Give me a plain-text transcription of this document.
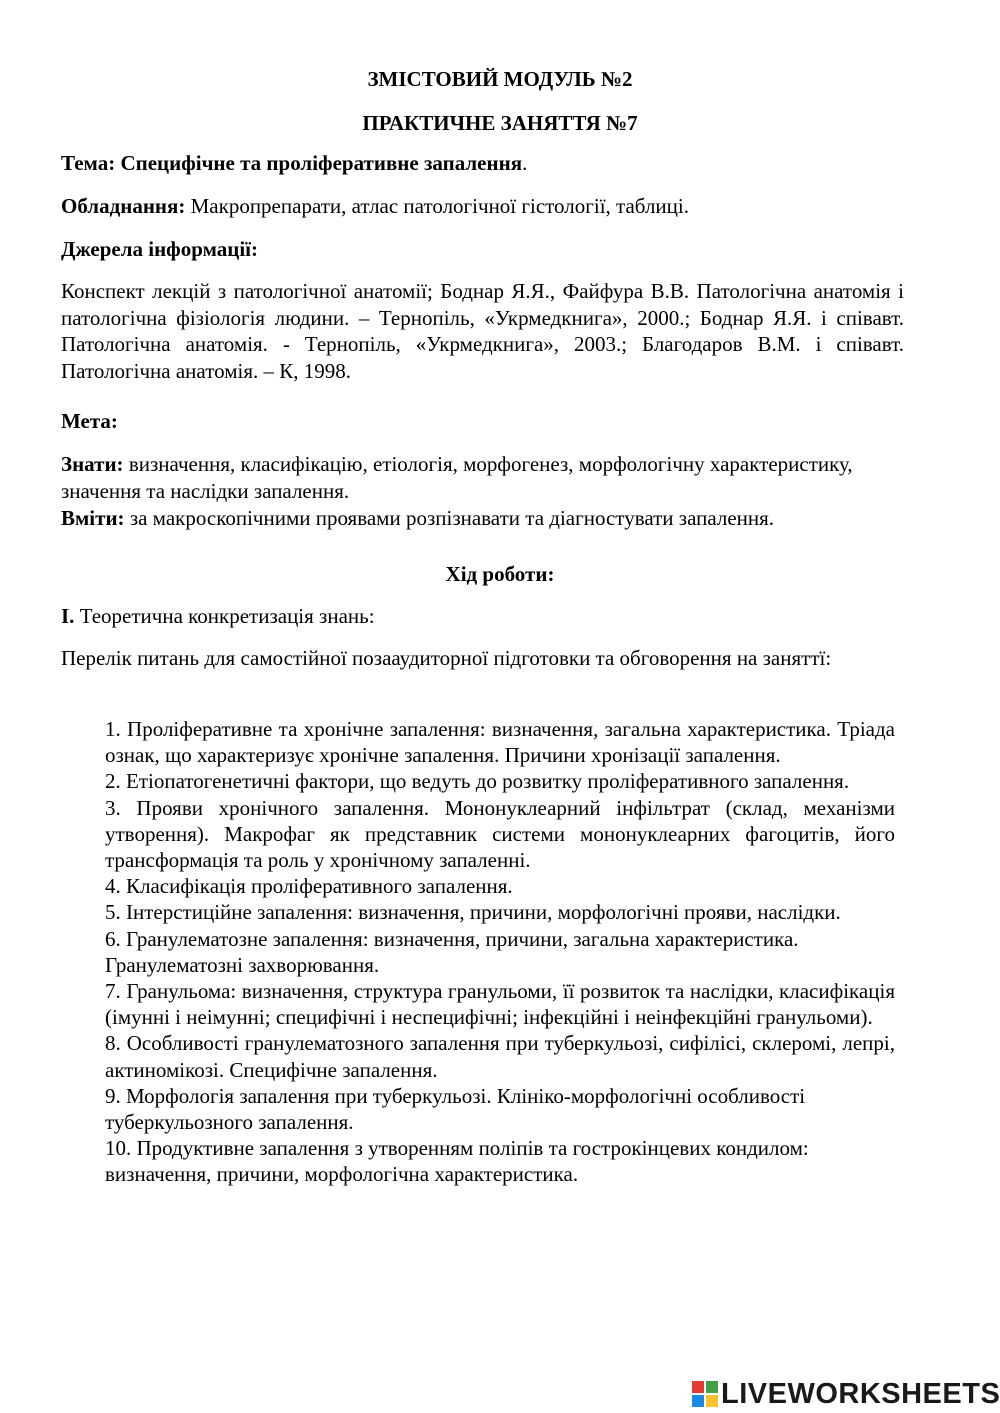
ЗМІСТОВИЙ МОДУЛЬ №2
ПРАКТИЧНЕ ЗАНЯТТЯ №7
Тема: Специфічне та проліферативне запалення.
Обладнання: Макропрепарати, атлас патологічної гістології, таблиці.
Джерела інформації:
Конспект лекцій з патологічної анатомії; Боднар Я.Я., Файфура В.В. Патологічна анатомія і патологічна фізіологія людини. – Тернопіль, «Укрмедкнига», 2000.; Боднар Я.Я. і співавт. Патологічна анатомія. - Тернопіль, «Укрмедкнига», 2003.; Благодаров В.М. і співавт. Патологічна анатомія. – К, 1998.
Мета:
Знати: визначення, класифікацію, етіологія, морфогенез, морфологічну характеристику, значення та наслідки запалення.
Вміти: за макроскопічними проявами розпізнавати та діагностувати запалення.
Хід роботи:
I. Теоретична конкретизація знань:
Перелік питань для самостійної позааудиторної підготовки та обговорення на заняттї:
1. Проліферативне та хронічне запалення: визначення, загальна характеристика. Тріада ознак, що характеризує хронічне запалення. Причини хронізації запалення.
2. Етіопатогенетичні фактори, що ведуть до розвитку проліферативного запалення.
3. Прояви хронічного запалення. Мононуклеарний інфільтрат (склад, механізми утворення). Макрофаг як представник системи мононуклеарних фагоцитів, його трансформація та роль у хронічному запаленні.
4. Класифікація проліферативного запалення.
5. Інтерстиційне запалення: визначення, причини, морфологічні прояви, наслідки.
6. Гранулематозне запалення: визначення, причини, загальна характеристика. Гранулематозні захворювання.
7. Гранульома: визначення, структура гранульоми, її розвиток та наслідки, класифікація (імунні і неімунні; специфічні і неспецифічні; інфекційні і неінфекційні гранульоми).
8. Особливості гранулематозного запалення при туберкульозі, сифілісі, склеромі, лепрі, актиномікозі. Специфічне запалення.
9. Морфологія запалення при туберкульозі. Клініко-морфологічні особливості туберкульозного запалення.
10. Продуктивне запалення з утворенням поліпів та гострокінцевих кондилом: визначення, причини, морфологічна характеристика.
LIVEWORKSHEETS
